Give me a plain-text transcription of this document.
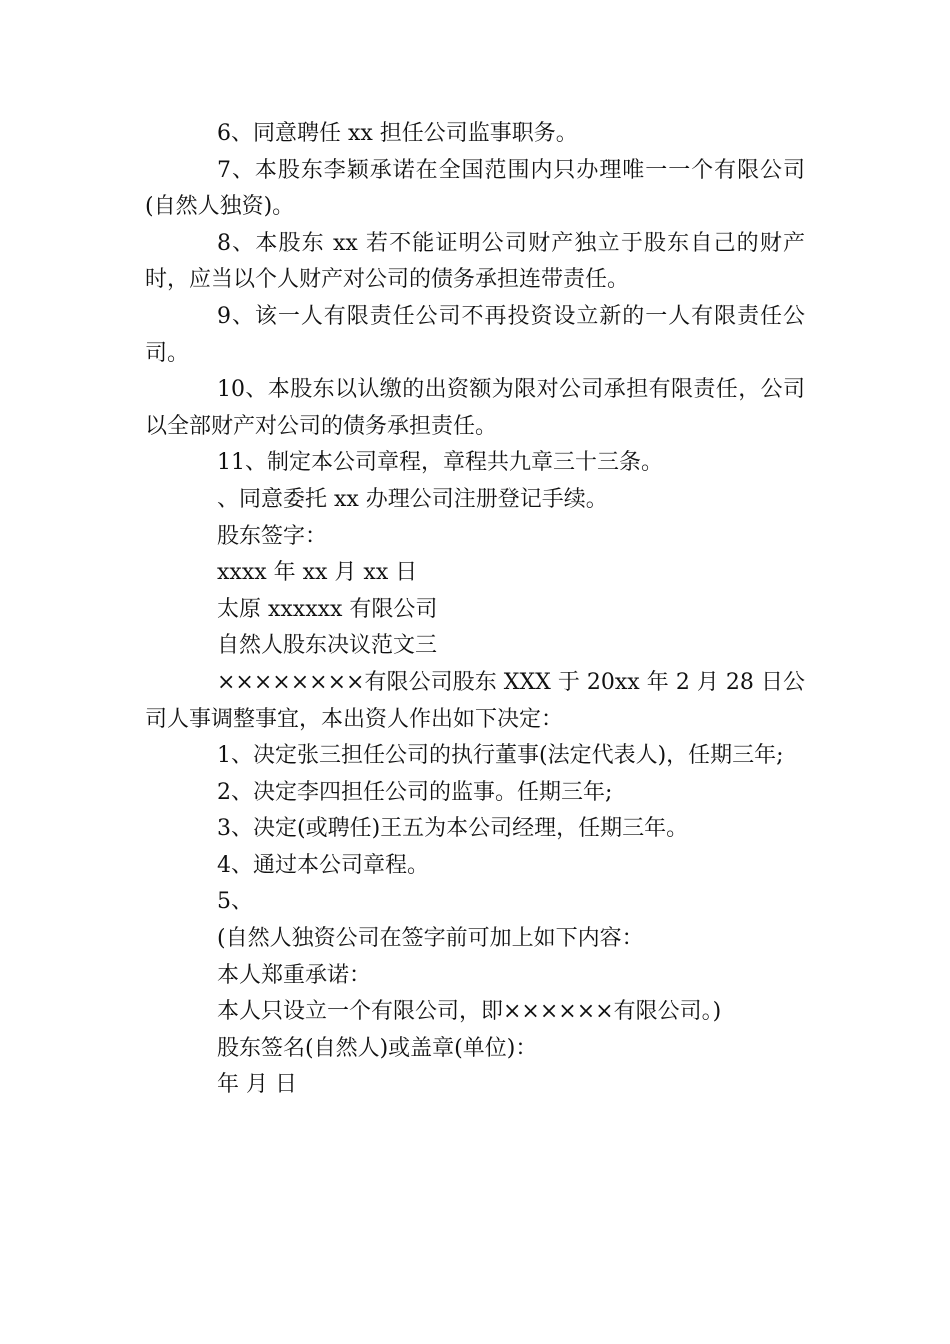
6、同意聘任 xx 担任公司监事职务。

7、本股东李颖承诺在全国范围内只办理唯一一个有限公司(自然人独资)。

8、本股东 xx 若不能证明公司财产独立于股东自己的财产时，应当以个人财产对公司的债务承担连带责任。

9、该一人有限责任公司不再投资设立新的一人有限责任公司。

10、本股东以认缴的出资额为限对公司承担有限责任，公司以全部财产对公司的债务承担责任。

11、制定本公司章程，章程共九章三十三条。

、同意委托 xx 办理公司注册登记手续。

股东签字：

xxxx 年 xx 月 xx 日

太原 xxxxxx 有限公司

自然人股东决议范文三

××××××××有限公司股东 XXX 于 20xx 年 2 月 28 日公司人事调整事宜，本出资人作出如下决定：

1、决定张三担任公司的执行董事(法定代表人)，任期三年;

2、决定李四担任公司的监事。任期三年;

3、决定(或聘任)王五为本公司经理，任期三年。

4、通过本公司章程。

5、

(自然人独资公司在签字前可加上如下内容：

本人郑重承诺：

本人只设立一个有限公司，即××××××有限公司。)

股东签名(自然人)或盖章(单位)：

年 月 日
